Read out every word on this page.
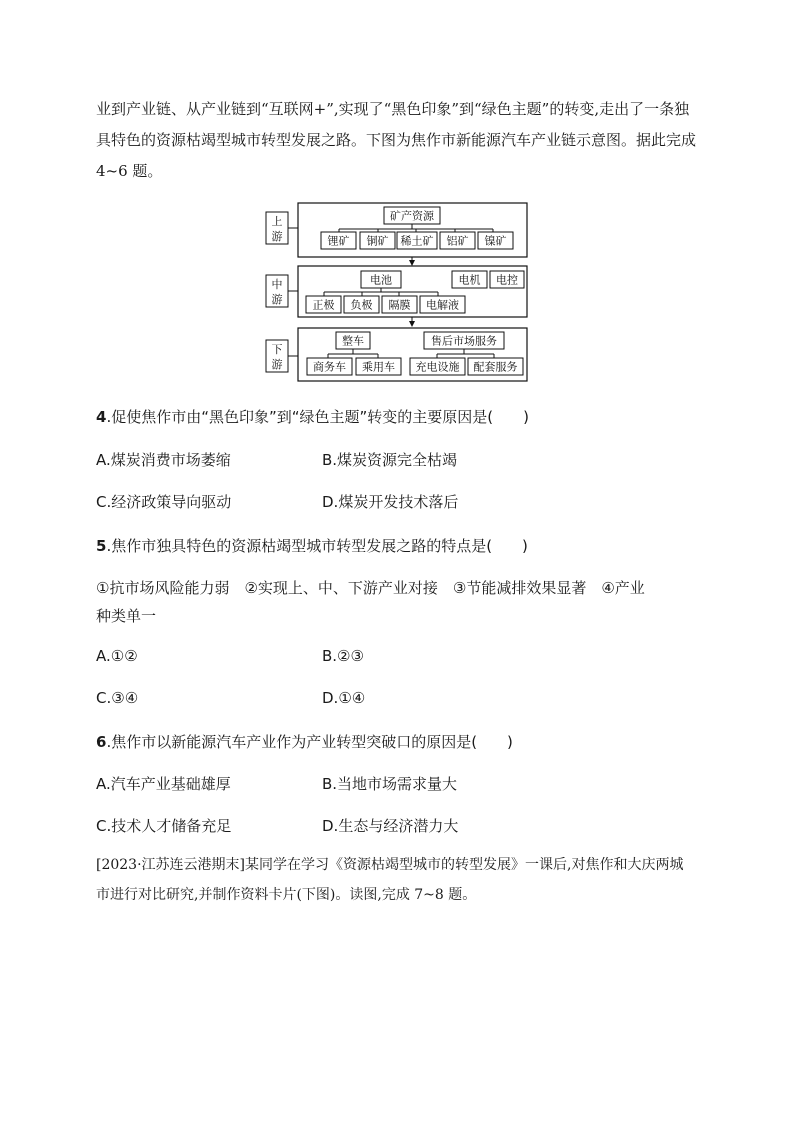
业到产业链、从产业链到“互联网+”,实现了“黑色印象”到“绿色主题”的转变,走出了一条独具特色的资源枯竭型城市转型发展之路。下图为焦作市新能源汽车产业链示意图。据此完成 4~6 题。

上
游
矿产资源
锂矿 铜矿 稀土矿 铝矿 镍矿
中
游
电池
正极 负极 隔膜 电解液
电机 电控
下
游
整车
商务车 乘用车
售后市场服务
充电设施 配套服务
4.促使焦作市由“黑色印象”到“绿色主题”转变的主要原因是(　　)
A.煤炭消费市场萎缩	B.煤炭资源完全枯竭
C.经济政策导向驱动	D.煤炭开发技术落后
5.焦作市独具特色的资源枯竭型城市转型发展之路的特点是(　　)
①抗市场风险能力弱　②实现上、中、下游产业对接　③节能减排效果显著　④产业
种类单一
A.①②	B.②③
C.③④	D.①④
6.焦作市以新能源汽车产业作为产业转型突破口的原因是(　　)
A.汽车产业基础雄厚	B.当地市场需求量大
C.技术人才储备充足	D.生态与经济潜力大

[2023·江苏连云港期末]某同学在学习《资源枯竭型城市的转型发展》一课后,对焦作和大庆两城市进行对比研究,并制作资料卡片(下图)。读图,完成 7~8 题。
